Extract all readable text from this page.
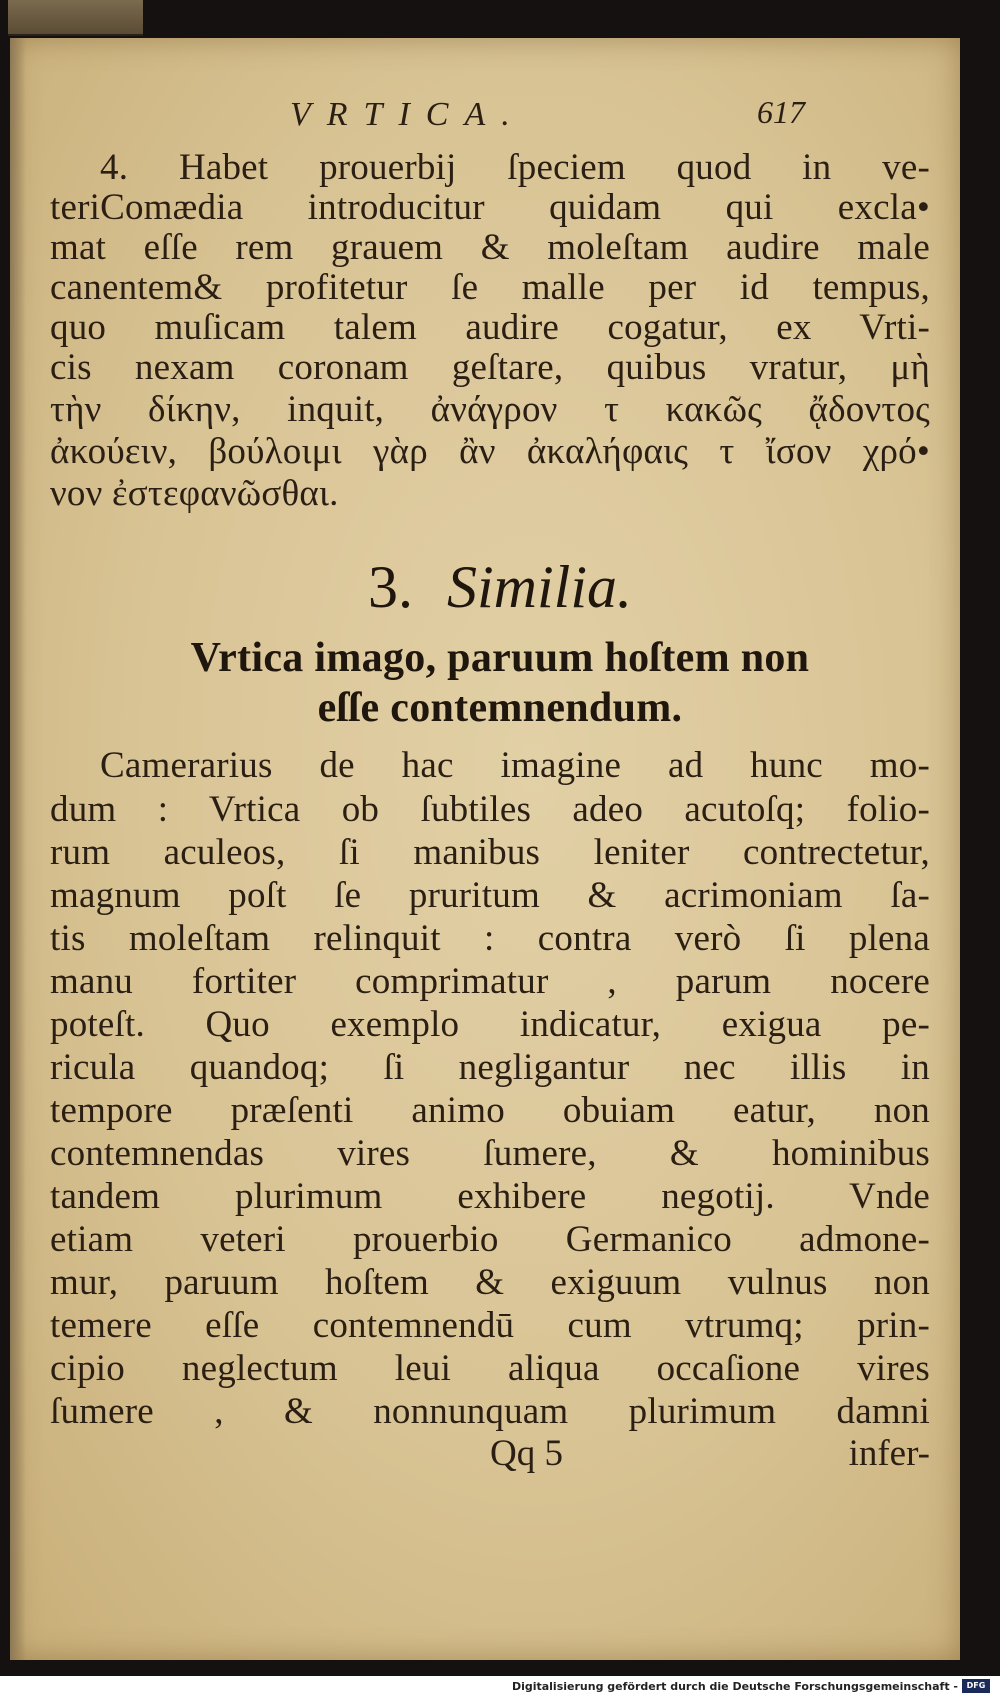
VRTICA.	617
4. Habet prouerbij ſpeciem quod in ve-
teriComædia introducitur quidam qui excla•
mat eſſe rem grauem & moleſtam audire male
canentem& profitetur ſe malle per id tempus,
quo muſicam talem audire cogatur, ex Vrti-
cis nexam coronam geſtare, quibus vratur, μὴ
τὴν δίκην, inquit, ἀνάγρον τ κακῶς ᾄδοντος
ἀκούειν, βούλοιμι γὰρ ἂν ἀκαλήφαις τ ἴσον χρό•
νον ἐστεφανῶσθαι.
3. Similia.
Vrtica imago, paruum hoſtem non
eſſe contemnendum.
Camerarius de hac imagine ad hunc mo-
dum : Vrtica ob ſubtiles adeo acutoſq; folio-
rum aculeos, ſi manibus leniter contrectetur,
magnum poſt ſe pruritum & acrimoniam ſa-
tis moleſtam relinquit : contra verò ſi plena
manu fortiter comprimatur , parum nocere
poteſt. Quo exemplo indicatur, exigua pe-
ricula quandoq; ſi negligantur nec illis in
tempore præſenti animo obuiam eatur, non
contemnendas vires ſumere, & hominibus
tandem plurimum exhibere negotij. Vnde
etiam veteri prouerbio Germanico admone-
mur, paruum hoſtem & exiguum vulnus non
temere eſſe contemnendū cum vtrumq; prin-
cipio neglectum leui aliqua occaſione vires
ſumere , & nonnunquam plurimum damni
Qq 5	infer-
Digitalisierung gefördert durch die Deutsche Forschungsgemeinschaft -	DFG
